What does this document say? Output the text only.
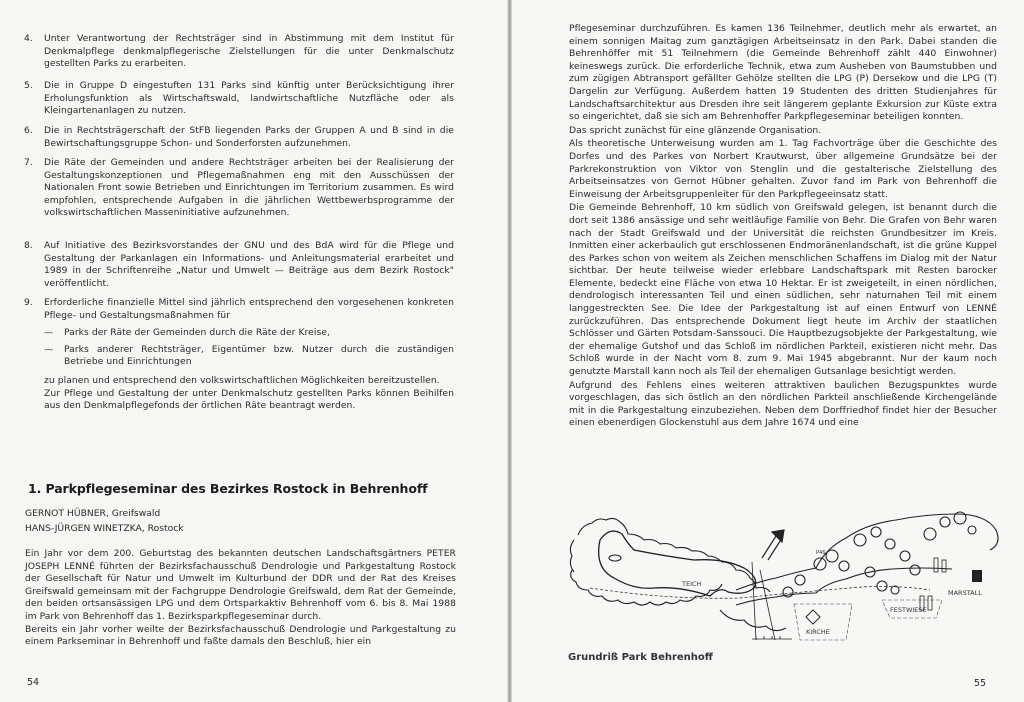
4.	Unter Verantwortung der Rechtsträger sind in Abstimmung mit dem Institut für Denkmalpflege denkmalpflegerische Zielstellungen für die unter Denkmalschutz gestellten Parks zu erarbeiten.
5.	Die in Gruppe D eingestuften 131 Parks sind künftig unter Berücksichtigung ihrer Erholungsfunktion als Wirtschaftswald, landwirtschaftliche Nutzfläche oder als Kleingartenanlagen zu nutzen.
6.	Die in Rechtsträgerschaft der StFB liegenden Parks der Gruppen A und B sind in die Bewirtschaftungsgruppe Schon- und Sonderforsten aufzunehmen.
7.	Die Räte der Gemeinden und andere Rechtsträger arbeiten bei der Realisierung der Gestaltungskonzeptionen und Pflegemaßnahmen eng mit den Ausschüssen der Nationalen Front sowie Betrieben und Einrichtungen im Territorium zusammen. Es wird empfohlen, entsprechende Aufgaben in die jährlichen Wettbewerbsprogramme der volkswirtschaftlichen Masseninitiative aufzunehmen.
8.	Auf Initiative des Bezirksvorstandes der GNU und des BdA wird für die Pflege und Gestaltung der Parkanlagen ein Informations- und Anleitungsmaterial erarbeitet und 1989 in der Schriftenreihe „Natur und Umwelt — Beiträge aus dem Bezirk Rostock" veröffentlicht.
9.	Erforderliche finanzielle Mittel sind jährlich entsprechend den vorgesehenen konkreten Pflege- und Gestaltungsmaßnahmen für
— Parks der Räte der Gemeinden durch die Räte der Kreise,
— Parks anderer Rechtsträger, Eigentümer bzw. Nutzer durch die zuständigen Betriebe und Einrichtungen
zu planen und entsprechend den volkswirtschaftlichen Möglichkeiten bereitzustellen.
Zur Pflege und Gestaltung der unter Denkmalschutz gestellten Parks können Beihilfen aus den Denkmalpflegefonds der örtlichen Räte beantragt werden.
1. Parkpflegeseminar des Bezirkes Rostock in Behrenhoff
GERNOT HÜBNER, Greifswald
HANS-JÜRGEN WINETZKA, Rostock
Ein Jahr vor dem 200. Geburtstag des bekannten deutschen Landschaftsgärtners PETER JOSEPH LENNÉ führten der Bezirksfachausschuß Dendrologie und Parkgestaltung Rostock der Gesellschaft für Natur und Umwelt im Kulturbund der DDR und der Rat des Kreises Greifswald gemeinsam mit der Fachgruppe Dendrologie Greifswald, dem Rat der Gemeinde, den beiden ortsansässigen LPG und dem Ortsparkaktiv Behrenhoff vom 6. bis 8. Mai 1988 im Park von Behrenhoff das 1. Bezirksparkpflegeseminar durch.
Bereits ein Jahr vorher weilte der Bezirksfachausschuß Dendrologie und Parkgestaltung zu einem Parkseminar in Behrenhoff und faßte damals den Beschluß, hier ein
54
Pflegeseminar durchzuführen. Es kamen 136 Teilnehmer, deutlich mehr als erwartet, an einem sonnigen Maitag zum ganztägigen Arbeitseinsatz in den Park. Dabei standen die Behrenhöffer mit 51 Teilnehmern (die Gemeinde Behrenhoff zählt 440 Einwohner) keineswegs zurück. Die erforderliche Technik, etwa zum Ausheben von Baumstubben und zum zügigen Abtransport gefällter Gehölze stellten die LPG (P) Dersekow und die LPG (T) Dargelin zur Verfügung. Außerdem hatten 19 Studenten des dritten Studienjahres für Landschaftsarchitektur aus Dresden ihre seit längerem geplante Exkursion zur Küste extra so eingerichtet, daß sie sich am Behrenhoffer Parkpflegeseminar beteiligen konnten.
Das spricht zunächst für eine glänzende Organisation.
Als theoretische Unterweisung wurden am 1. Tag Fachvorträge über die Geschichte des Dorfes und des Parkes von Norbert Krautwurst, über allgemeine Grundsätze bei der Parkrekonstruktion von Viktor von Stenglin und die gestalterische Zielstellung des Arbeitseinsatzes von Gernot Hübner gehalten. Zuvor fand im Park von Behrenhoff die Einweisung der Arbeitsgruppenleiter für den Parkpflegeeinsatz statt.
Die Gemeinde Behrenhoff, 10 km südlich von Greifswald gelegen, ist benannt durch die dort seit 1386 ansässige und sehr weitläufige Familie von Behr. Die Grafen von Behr waren nach der Stadt Greifswald und der Universität die reichsten Grundbesitzer im Kreis. Inmitten einer ackerbaulich gut erschlossenen Endmoränenlandschaft, ist die grüne Kuppel des Parkes schon von weitem als Zeichen menschlichen Schaffens im Dialog mit der Natur sichtbar. Der heute teilweise wieder erlebbare Landschaftspark mit Resten barocker Elemente, bedeckt eine Fläche von etwa 10 Hektar. Er ist zweigeteilt, in einen nördlichen, dendrologisch interessanten Teil und einen südlichen, sehr naturnahen Teil mit einem langgestreckten See. Die Idee der Parkgestaltung ist auf einen Entwurf von LENNÉ zurückzuführen. Das entsprechende Dokument liegt heute im Archiv der staatlichen Schlösser und Gärten Potsdam-Sanssouci. Die Hauptbezugsobjekte der Parkgestaltung, wie der ehemalige Gutshof und das Schloß im nördlichen Parkteil, existieren nicht mehr. Das Schloß wurde in der Nacht vom 8. zum 9. Mai 1945 abgebrannt. Nur der kaum noch genutzte Marstall kann noch als Teil der ehemaligen Gutsanlage besichtigt werden.
Aufgrund des Fehlens eines weiteren attraktiven baulichen Bezugspunktes wurde vorgeschlagen, das sich östlich an den nördlichen Parkteil anschließende Kirchengelände mit in die Parkgestaltung einzubeziehen. Neben dem Dorffriedhof findet hier der Besucher einen ebenerdigen Glockenstuhl aus dem Jahre 1674 und eine
55
TEICH
FESTWIESE
KIRCHE
MARSTALL
P46
Grundriß Park Behrenhoff
